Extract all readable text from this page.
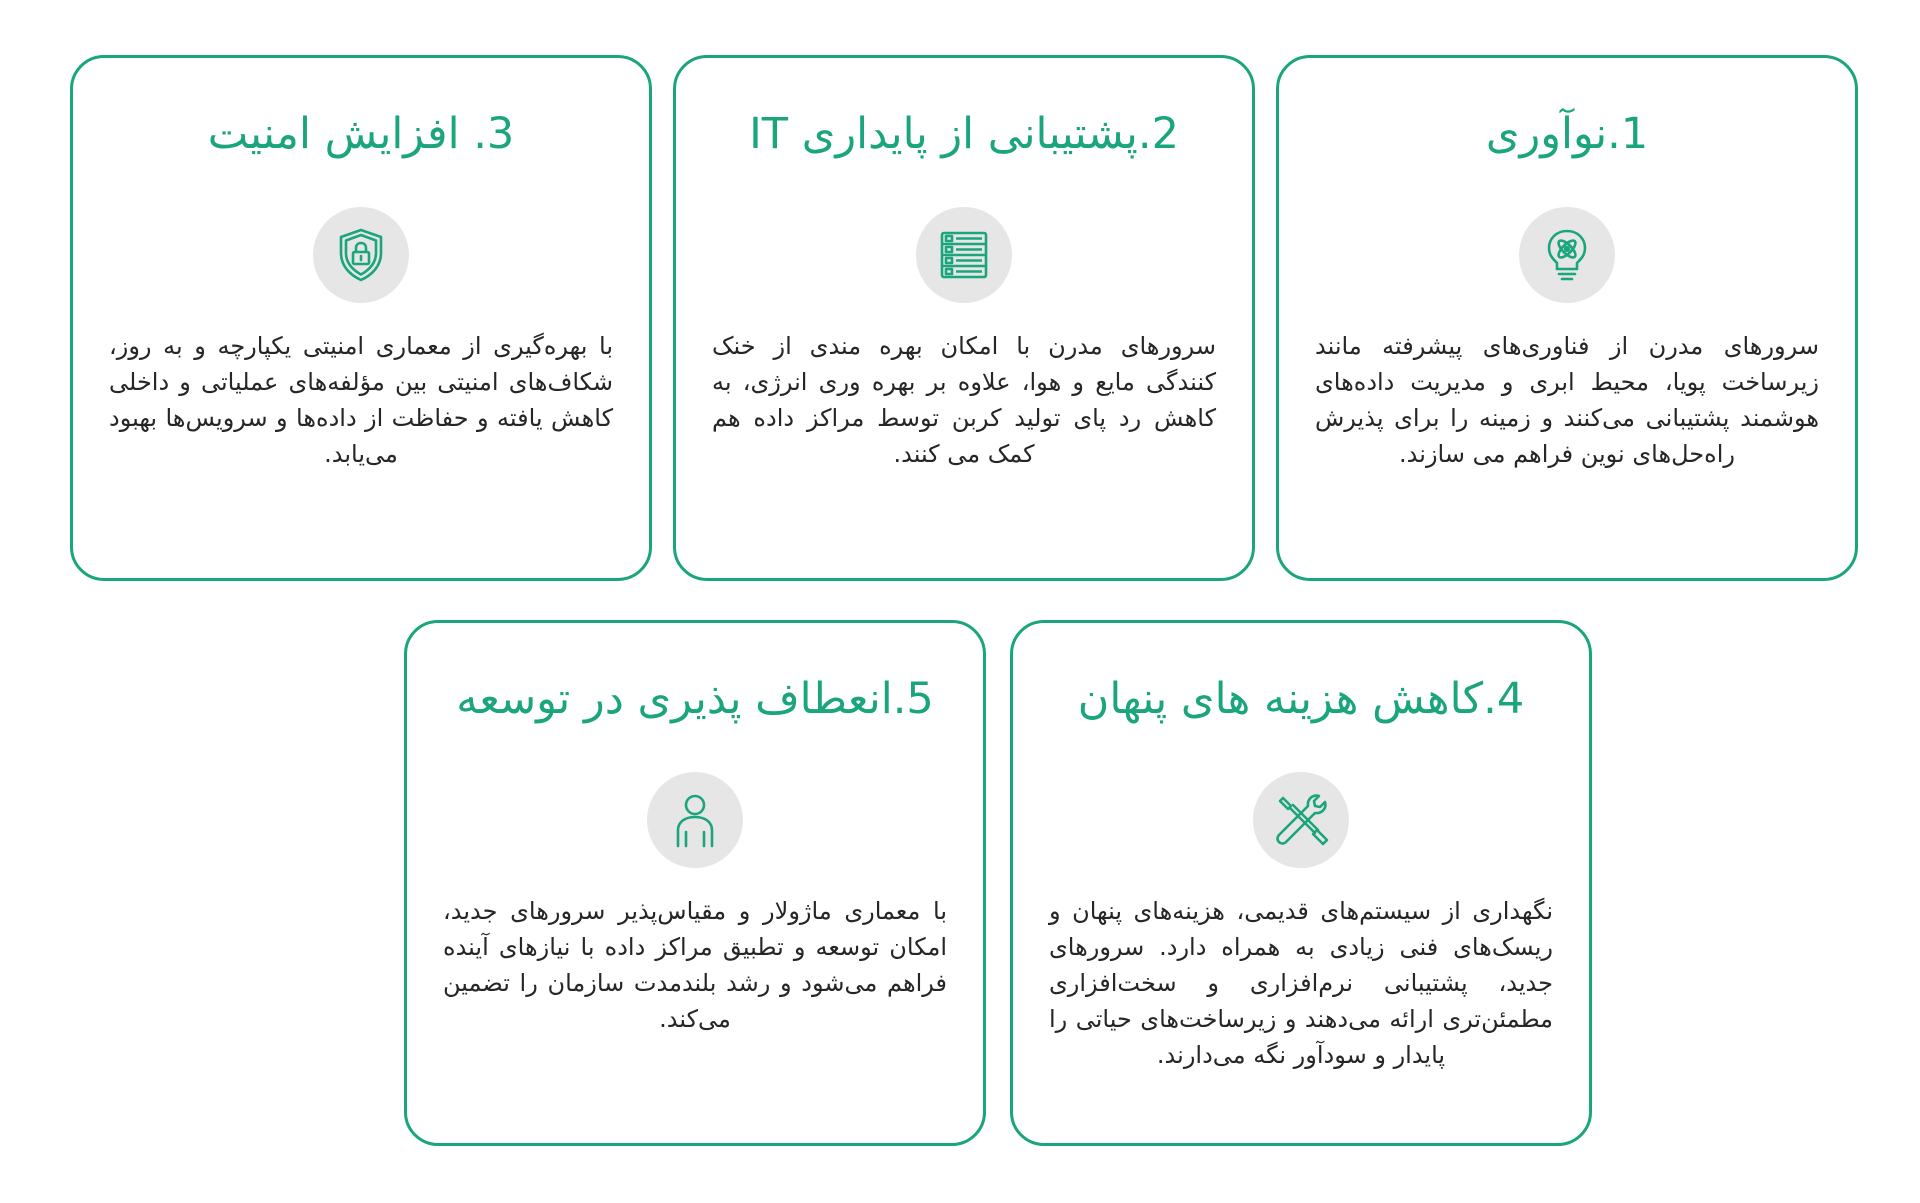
1.نوآوری
سرورهای مدرن از فناوری‌های پیشرفته مانند زیرساخت پویا، محیط ابری و مدیریت داده‌های هوشمند پشتیبانی می‌کنند و زمینه را برای پذیرش راه‌حل‌های نوین فراهم می سازند.
2.پشتیبانی از پایداری IT
سرورهای مدرن با امکان بهره مندی از خنک کنندگی مایع و هوا، علاوه بر بهره وری انرژی، به کاهش رد پای تولید کربن توسط مراکز داده هم کمک می کنند.
3. افزایش امنیت
با بهره‌گیری از معماری امنیتی یکپارچه و به روز، شکاف‌های امنیتی بین مؤلفه‌های عملیاتی و داخلی کاهش یافته و حفاظت از داده‌ها و سرویس‌ها بهبود می‌یابد.
4.کاهش هزینه های پنهان
نگهداری از سیستم‌های قدیمی، هزینه‌های پنهان و ریسک‌های فنی زیادی به همراه دارد. سرورهای جدید، پشتیبانی نرم‌افزاری و سخت‌افزاری مطمئن‌تری ارائه می‌دهند و زیرساخت‌های حیاتی را پایدار و سودآور نگه می‌دارند.
5.انعطاف پذیری در توسعه
با معماری ماژولار و مقیاس‌پذیر سرورهای جدید، امکان توسعه و تطبیق مراکز داده با نیازهای آینده فراهم می‌شود و رشد بلندمدت سازمان را تضمین می‌کند.
